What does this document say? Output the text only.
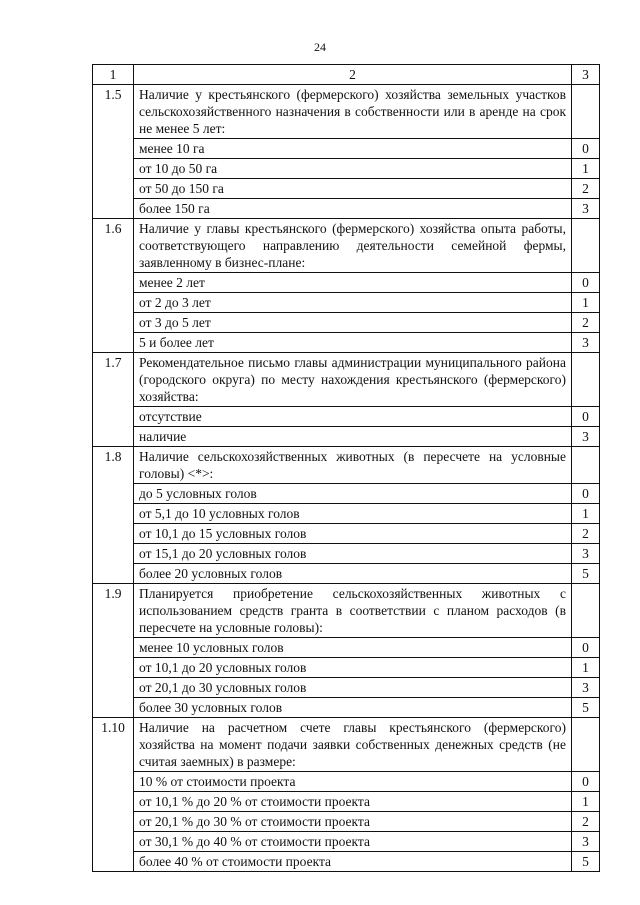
24
1	2	3
1.5	Наличие у крестьянского (фермерского) хозяйства земельных участков сельскохозяйственного назначения в собственности или в аренде на срок не менее 5 лет:	
	менее 10 га	0
	от 10 до 50 га	1
	от 50 до 150 га	2
	более 150 га	3
1.6	Наличие у главы крестьянского (фермерского) хозяйства опыта работы, соответствующего направлению деятельности семейной фермы, заявленному в бизнес-плане:	
	менее 2 лет	0
	от 2 до 3 лет	1
	от 3 до 5 лет	2
	5 и более лет	3
1.7	Рекомендательное письмо главы администрации муниципального района (городского округа) по месту нахождения крестьянского (фермерского) хозяйства:	
	отсутствие	0
	наличие	3
1.8	Наличие сельскохозяйственных животных (в пересчете на условные головы) <*>:	
	до 5 условных голов	0
	от 5,1 до 10 условных голов	1
	от 10,1 до 15 условных голов	2
	от 15,1 до 20 условных голов	3
	более 20 условных голов	5
1.9	Планируется приобретение сельскохозяйственных животных с использованием средств гранта в соответствии с планом расходов (в пересчете на условные головы):	
	менее 10 условных голов	0
	от 10,1 до 20 условных голов	1
	от 20,1 до 30 условных голов	3
	более 30 условных голов	5
1.10	Наличие на расчетном счете главы крестьянского (фермерского) хозяйства на момент подачи заявки собственных денежных средств (не считая заемных) в размере:	
	10 % от стоимости проекта	0
	от 10,1 % до 20 % от стоимости проекта	1
	от 20,1 % до 30 % от стоимости проекта	2
	от 30,1 % до 40 % от стоимости проекта	3
	более 40 % от стоимости проекта	5
